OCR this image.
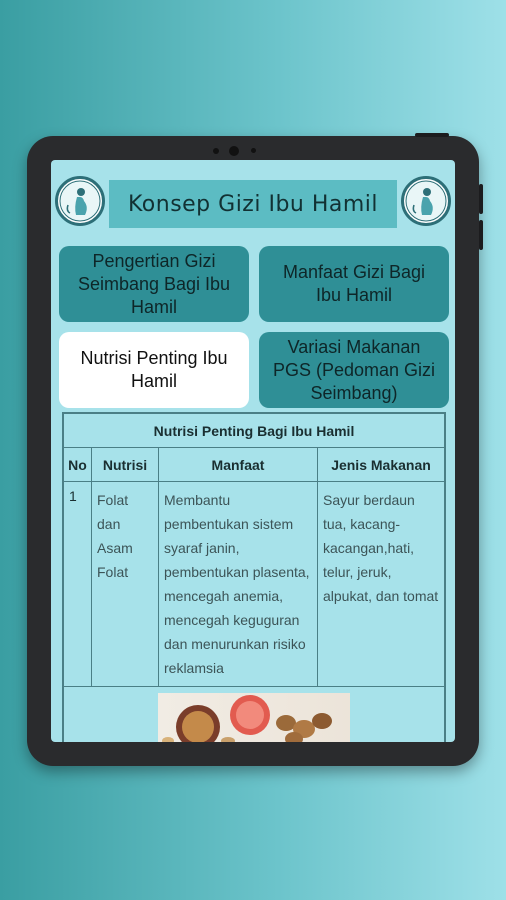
Konsep Gizi Ibu Hamil
Pengertian Gizi Seimbang Bagi Ibu Hamil
Manfaat Gizi Bagi Ibu Hamil
Nutrisi Penting Ibu Hamil
Variasi Makanan PGS (Pedoman Gizi Seimbang)
Nutrisi Penting Bagi Ibu Hamil			
No	Nutrisi	Manfaat	Jenis Makanan
1	Folat dan Asam Folat	Membantu pembentukan sistem syaraf janin, pembentukan plasenta, mencegah anemia, mencegah keguguran dan menurunkan risiko reklamsia	Sayur berdaun tua, kacang-kacangan,hati, telur, jeruk, alpukat, dan tomat
